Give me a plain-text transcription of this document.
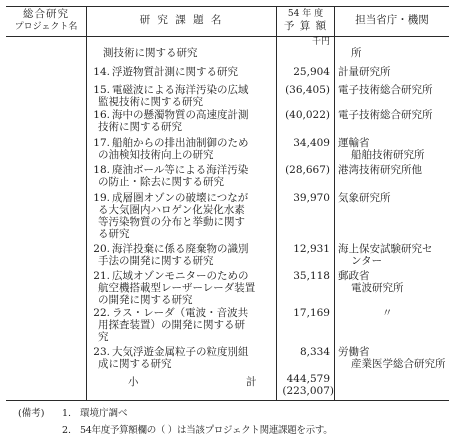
総合研究
プロジェクト名
研 究 課 題 名	54 年 度
予 算 額	担当省庁・機関
千円
測技術に関する研究	所
14. 浮遊物質計測に関する研究	25,904 計量研究所
15. 電磁波による海洋汚染の広域
監視技術に関する研究
(36,405) 電子技術総合研究所
16. 海中の懸濁物質の高速度計測
技術に関する研究
(40,022) 電子技術総合研究所
17. 船舶からの排出油制御のため
の油検知技術向上の研究
34,409 運輸省
船舶技術研究所
18. 廃油ボール等による海洋汚染
の防止・除去に関する研究
(28,667) 港湾技術研究所他
19. 成層圏オゾンの破壊につなが
る大気圏内ハロゲン化炭化水素
等汚染物質の分布と挙動に関す
る研究
39,970 気象研究所
20. 海洋投棄に係る廃棄物の識別
手法の開発に関する研究
12,931 海上保安試験研究セ
ンター
21. 広域オゾンモニターのための
航空機搭載型レーザーレーダ装置
の開発に関する研究
35,118 郵政省
電波研究所
22. ラス・レーダ（電波・音波共
用探査装置）の開発に関する研
究
17,169	〃
23. 大気浮遊金属粒子の粒度別組
成に関する研究
8,334 労働省
産業医学総合研究所
小	計	444,579
(223,007)
(備考) 1. 環境庁調べ
2. 54年度予算額欄の（ ）は当該プロジェクト関連課題を示す。
